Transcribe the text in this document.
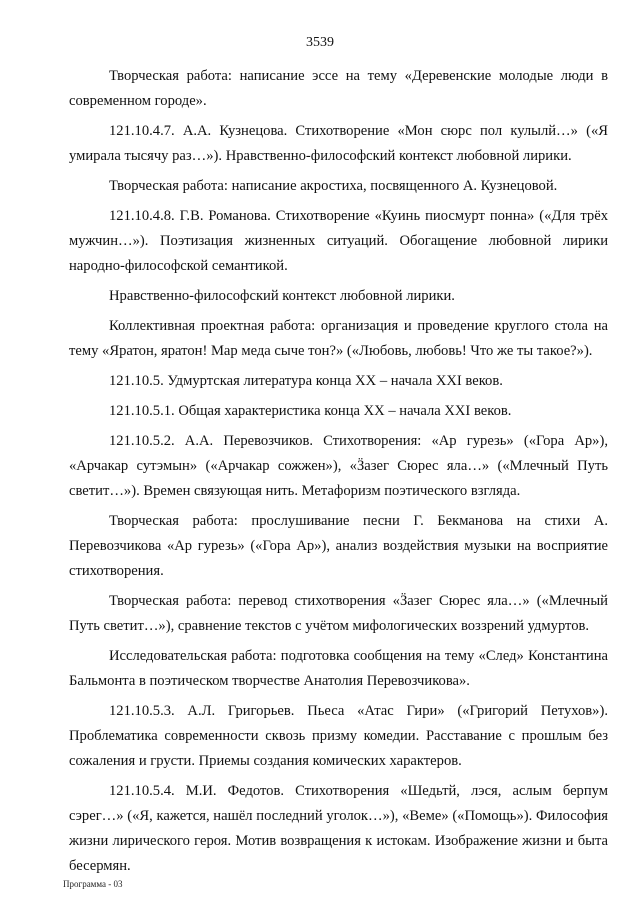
3539

Творческая работа: написание эссе на тему «Деревенские молодые люди в современном городе».

121.10.4.7. А.А. Кузнецова. Стихотворение «Мон сюрс пол кулылй…» («Я умирала тысячу раз…»). Нравственно-философский контекст любовной лирики.

Творческая работа: написание акростиха, посвященного А. Кузнецовой.

121.10.4.8. Г.В. Романова. Стихотворение «Куинь пиосмурт понна» («Для трёх мужчин…»). Поэтизация жизненных ситуаций. Обогащение любовной лирики народно-философской семантикой.

Нравственно-философский контекст любовной лирики.

Коллективная проектная работа: организация и проведение круглого стола на тему «Яратон, яратон! Мар меда сыче тон?» («Любовь, любовь! Что же ты такое?»).

121.10.5. Удмуртская литература конца XX – начала XXI веков.

121.10.5.1. Общая характеристика конца XX – начала XXI веков.

121.10.5.2. А.А. Перевозчиков. Стихотворения: «Ар гурезь» («Гора Ар»), «Арчакар сутэмын» («Арчакар сожжен»), «Ӟазег Сюрес яла…» («Млечный Путь светит…»). Времен связующая нить. Метафоризм поэтического взгляда.

Творческая работа: прослушивание песни Г. Бекманова на стихи А. Перевозчикова «Ар гурезь» («Гора Ар»), анализ воздействия музыки на восприятие стихотворения.

Творческая работа: перевод стихотворения «Ӟазег Сюрес яла…» («Млечный Путь светит…»), сравнение текстов с учётом мифологических воззрений удмуртов.

Исследовательская работа: подготовка сообщения на тему «След» Константина Бальмонта в поэтическом творчестве Анатолия Перевозчикова».

121.10.5.3. А.Л. Григорьев. Пьеса «Атас Гири» («Григорий Петухов»). Проблематика современности сквозь призму комедии. Расставание с прошлым без сожаления и грусти. Приемы создания комических характеров.

121.10.5.4. М.И. Федотов. Стихотворения «Шедьтй, лэся, аслым берпум сэрег…» («Я, кажется, нашёл последний уголок…»), «Веме» («Помощь»). Философия жизни лирического героя. Мотив возвращения к истокам. Изображение жизни и быта бесермян.

Программа - 03
